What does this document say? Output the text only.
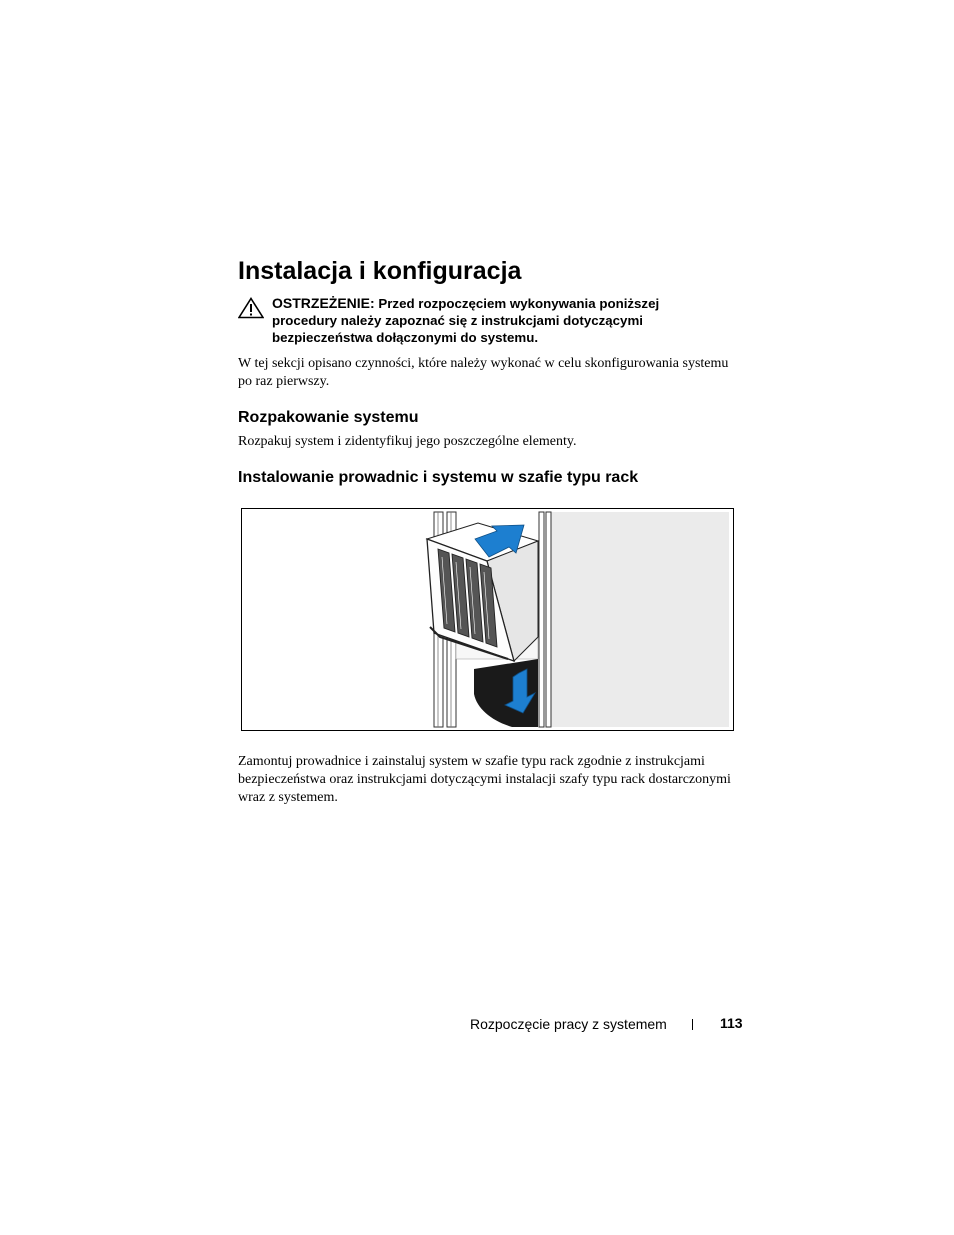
Instalacja i konfiguracja
OSTRZEŻENIE: Przed rozpoczęciem wykonywania poniższej procedury należy zapoznać się z instrukcjami dotyczącymi bezpieczeństwa dołączonymi do systemu.

W tej sekcji opisano czynności, które należy wykonać w celu skonfigurowania systemu po raz pierwszy.

Rozpakowanie systemu

Rozpakuj system i zidentyfikuj jego poszczególne elementy.

Instalowanie prowadnic i systemu w szafie typu rack

Zamontuj prowadnice i zainstaluj system w szafie typu rack zgodnie z instrukcjami bezpieczeństwa oraz instrukcjami dotyczącymi instalacji szafy typu rack dostarczonymi wraz z systemem.

Rozpoczęcie pracy z systemem	113
